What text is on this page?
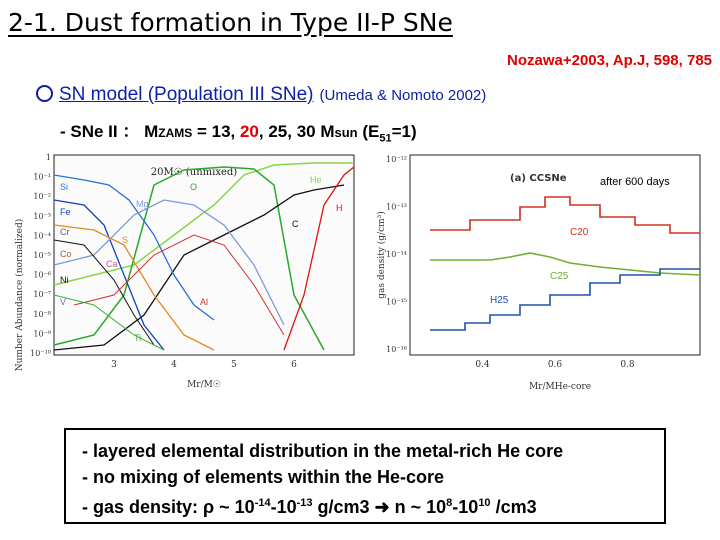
2-1. Dust formation in Type II-P SNe
Nozawa+2003, Ap.J, 598, 785
SN model (Population III SNe) (Umeda & Nomoto 2002)
- SNe II ： MZAMS = 13, 20, 25, 30 Msun $(E_{51}=1)$
Number Abundance (normalized)
Mr/M☉
20M☉ (unmixed)
1
10⁻¹
10⁻²
10⁻³
10⁻⁴
10⁻⁵
10⁻⁶
10⁻⁷
10⁻⁸
10⁻⁹
10⁻¹⁰
3	4	5	6
Si
Fe
Cr
Co
Ni
V
S
Mg
O
C
He
H
Ca
Al
Ti
gas density (g/cm³)
Mr/MHe-core
(a) CCSNe	after 600 days
10⁻¹²
10⁻¹³
10⁻¹⁴
10⁻¹⁵
10⁻¹⁶
0.4	0.6	0.8
C20
C25
H25
- layered elemental distribution in the metal-rich He core
- no mixing of elements within the He-core
- gas density: ρ ~ $10^{-14}-10^{-13}$ g/cm3 ➜ n ~ $10^8-10^{10}$ /cm3
